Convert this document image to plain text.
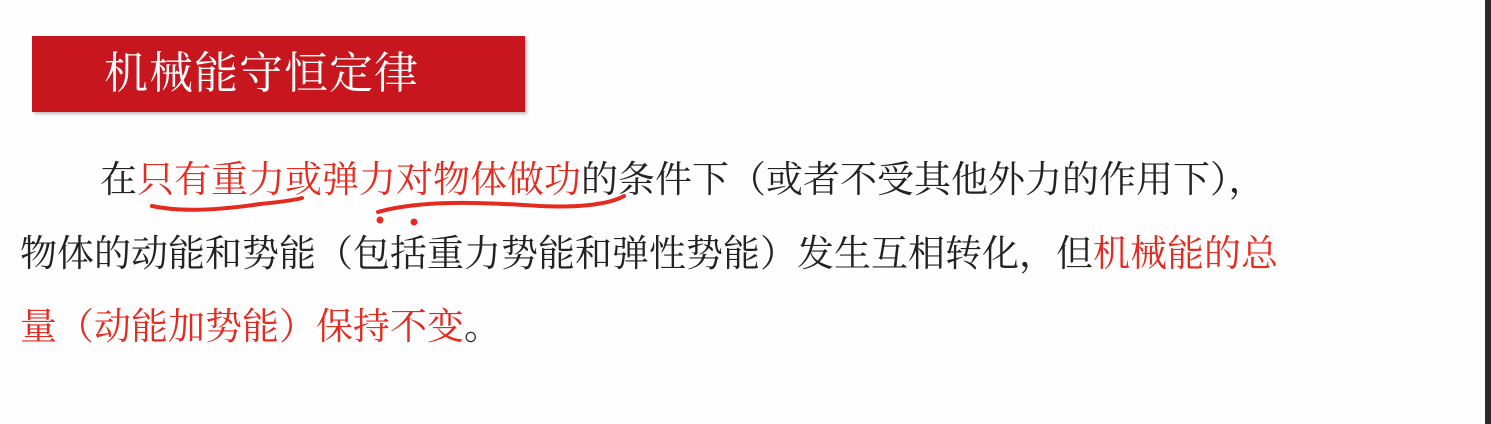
机械能守恒定律
在只有重力或弹力对物体做功的条件下（或者不受其他外力的作用下），
物体的动能和势能（包括重力势能和弹性势能）发生互相转化，但机械能的总
量（动能加势能）保持不变。
